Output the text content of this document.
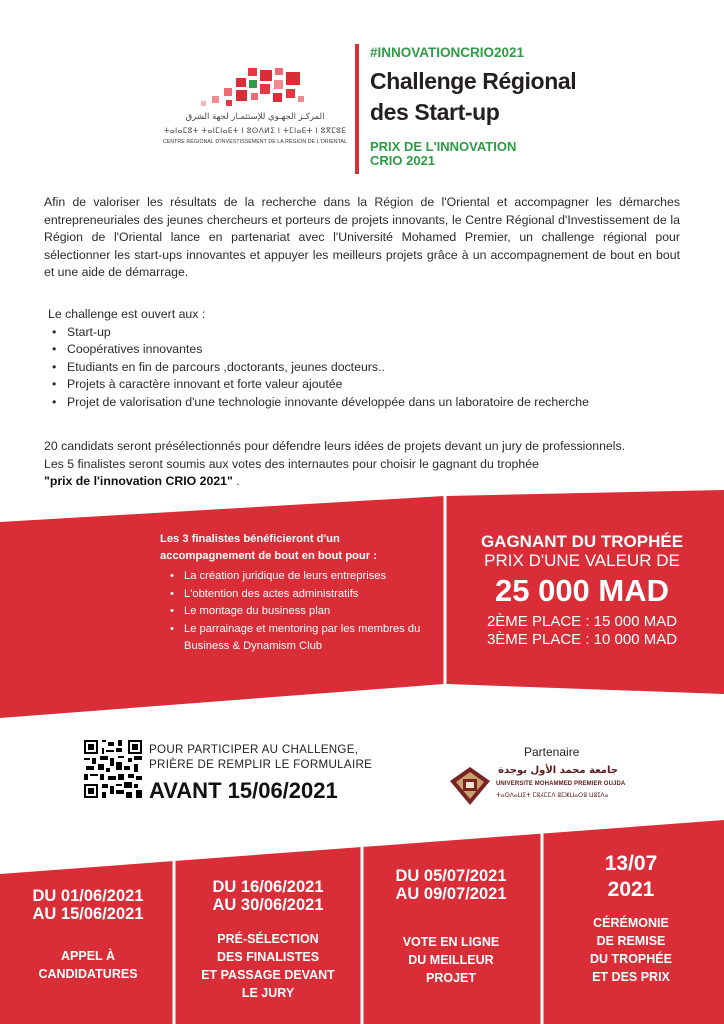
المركـز الجهـوي للإستثمـار لجهة الشرق
ⵜⴰⵏⴰⵎⵓⵜ ⵜⴰⵏⵎⵏⴰⴹⵜ ⵏ ⵓⵙⴷⵍⵉ ⵏ ⵜⵎⵏⴰⴹⵜ ⵏ ⵓⴳⵎⵓⴹ
CENTRE RÉGIONAL D'INVESTISSEMENT DE LA RÉGION DE L'ORIENTAL
#INNOVATIONCRIO2021
Challenge Régional
des Start-up
PRIX DE L'INNOVATION
CRIO 2021

Afin de valoriser les résultats de la recherche dans la Région de l'Oriental et accompagner les démarches entrepreneuriales des jeunes chercheurs et porteurs de projets innovants, le Centre Régional d'Investissement de la Région de l'Oriental lance en partenariat avec l'Université Mohamed Premier, un challenge régional pour sélectionner les start-ups innovantes et appuyer les meilleurs projets grâce à un accompagnement de bout en bout et une aide de démarrage.

Le challenge est ouvert aux :
• Start-up
• Coopératives innovantes
• Etudiants en fin de parcours ,doctorants, jeunes docteurs..
• Projets à caractère innovant et forte valeur ajoutée
• Projet de valorisation d'une technologie innovante développée dans un laboratoire de recherche
20 candidats seront présélectionnés pour défendre leurs idées de projets devant un jury de professionnels.
Les 5 finalistes seront soumis aux votes des internautes pour choisir le gagnant du trophée
"prix de l'innovation CRIO 2021" .
Les 3 finalistes bénéficieront d'un
accompagnement de bout en bout pour :
• La création juridique de leurs entreprises
• L'obtention des actes administratifs
• Le montage du business plan
• Le parrainage et mentoring par les membres du Business & Dynamism Club
GAGNANT DU TROPHÉE
PRIX D'UNE VALEUR DE
25 000 MAD
2ÈME PLACE : 15 000 MAD
3ÈME PLACE : 10 000 MAD
POUR PARTICIPER AU CHALLENGE,
PRIÈRE DE REMPLIR LE FORMULAIRE
AVANT 15/06/2021
Partenaire
جامعة محمد الأول بوجدة
UNIVERSITE MOHAMMED PREMIER OUJDA
ⵜⴰⵙⴷⴰⵡⵉⵜ ⵎⵓⵃⵎⵎⴷ ⵓⵎⵣⵡⴰⵔⵓ ⵡⵓⵊⴷⴰ
DU 01/06/2021
AU 15/06/2021
APPEL À
CANDIDATURES
DU 16/06/2021
AU 30/06/2021
PRÉ-SÉLECTION
DES FINALISTES
ET PASSAGE DEVANT
LE JURY
DU 05/07/2021
AU 09/07/2021
VOTE EN LIGNE
DU MEILLEUR
PROJET
13/07
2021
CÉRÉMONIE
DE REMISE
DU TROPHÉE
ET DES PRIX
